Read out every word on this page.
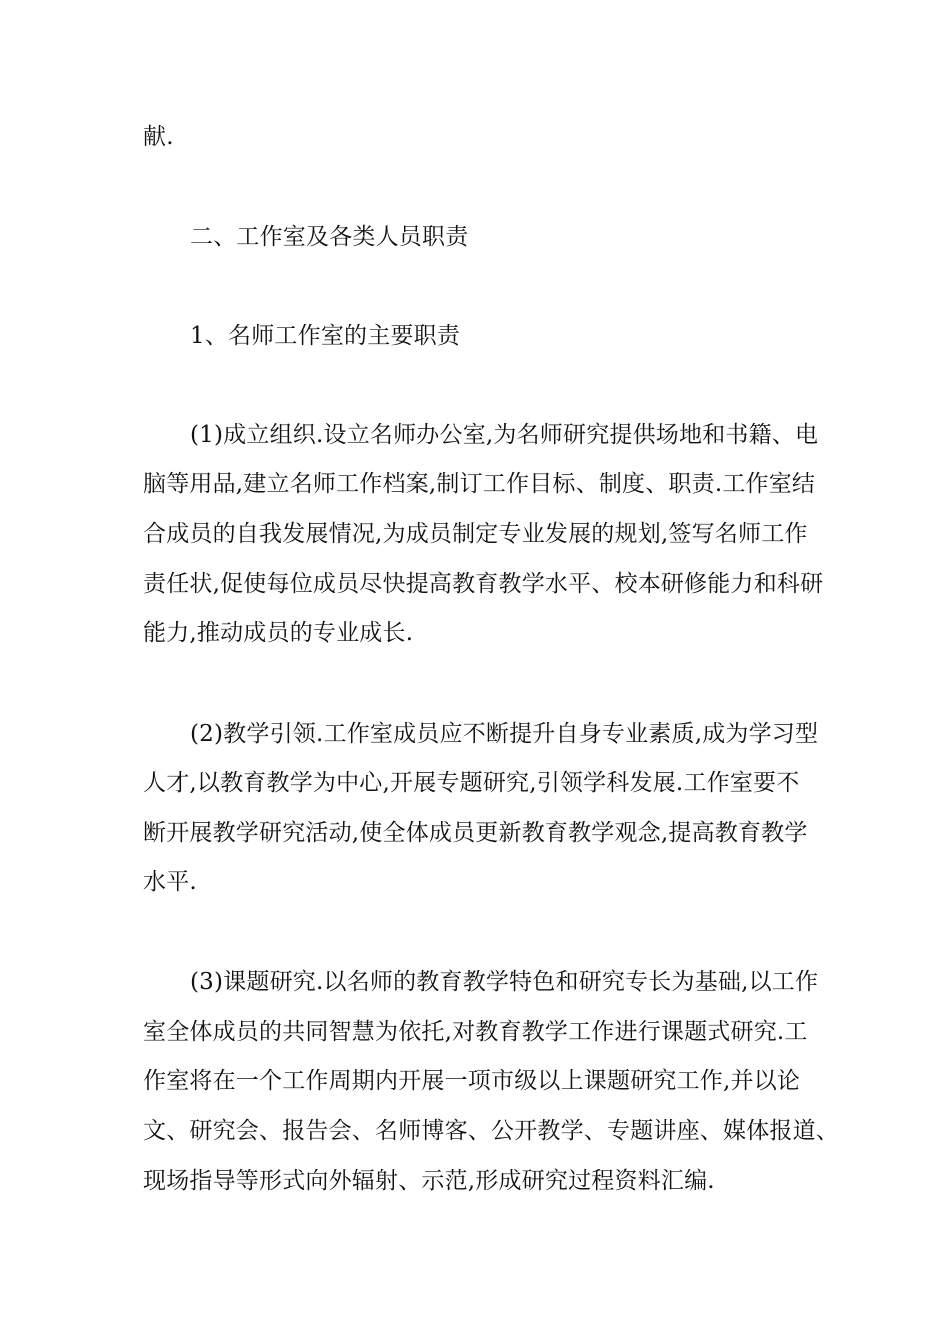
献.
二、工作室及各类人员职责
1、名师工作室的主要职责
(1)成立组织.设立名师办公室,为名师研究提供场地和书籍、电
脑等用品,建立名师工作档案,制订工作目标、制度、职责.工作室结
合成员的自我发展情况,为成员制定专业发展的规划,签写名师工作
责任状,促使每位成员尽快提高教育教学水平、校本研修能力和科研
能力,推动成员的专业成长.
(2)教学引领.工作室成员应不断提升自身专业素质,成为学习型
人才,以教育教学为中心,开展专题研究,引领学科发展.工作室要不
断开展教学研究活动,使全体成员更新教育教学观念,提高教育教学
水平.
(3)课题研究.以名师的教育教学特色和研究专长为基础,以工作
室全体成员的共同智慧为依托,对教育教学工作进行课题式研究.工
作室将在一个工作周期内开展一项市级以上课题研究工作,并以论
文、研究会、报告会、名师博客、公开教学、专题讲座、媒体报道、
现场指导等形式向外辐射、示范,形成研究过程资料汇编.
